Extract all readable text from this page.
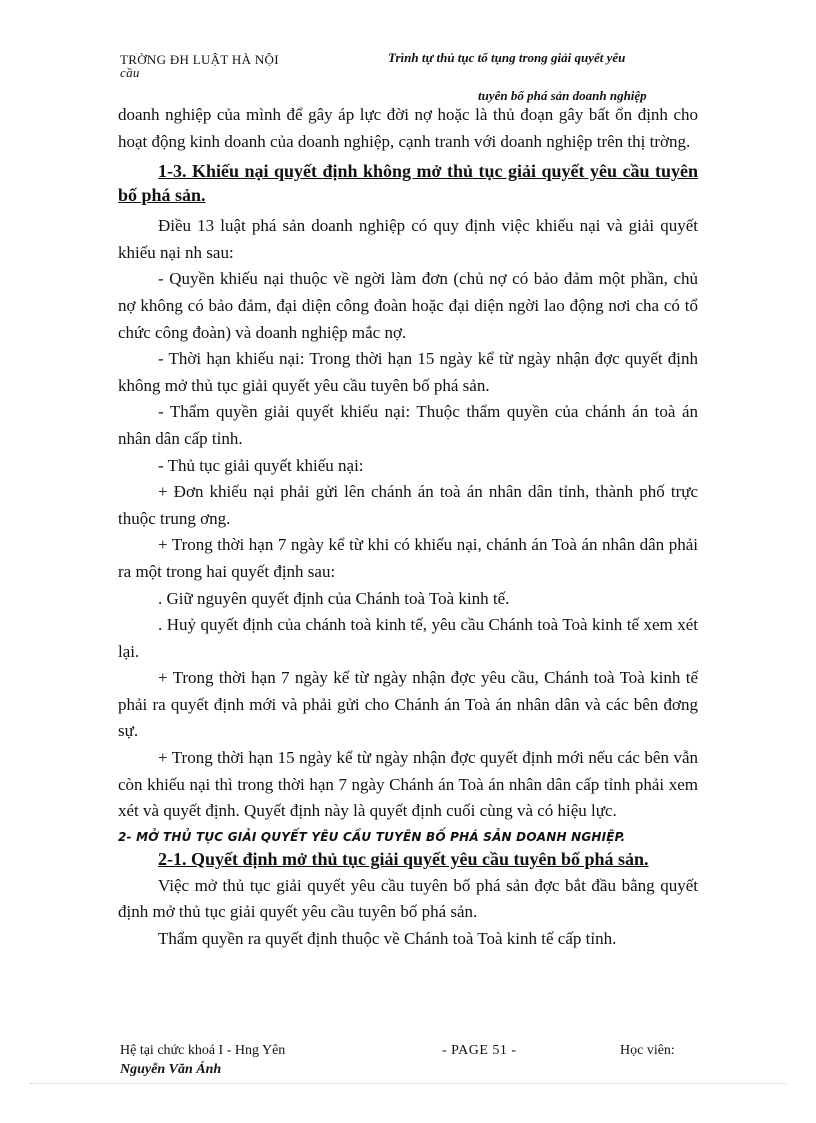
TRỜNG ĐH LUẬT HÀ NỘI
cầu
Trình tự thủ tục tố tụng trong giải quyết yêu
tuyên bố phá sản doanh nghiệp

doanh nghiệp của mình để gây áp lực đời nợ hoặc là thủ đoạn gây bất ổn định cho hoạt động kinh doanh của doanh nghiệp, cạnh tranh với doanh nghiệp trên thị trờng.

1-3. Khiếu nại quyết định không mở thủ tục giải quyết yêu cầu tuyên bố phá sản.

Điều 13 luật phá sản doanh nghiệp có quy định việc khiếu nại và giải quyết khiếu nại nh sau:

- Quyền khiếu nại thuộc về ngời làm đơn (chủ nợ có bảo đảm một phần, chủ nợ không có bảo đảm, đại diện công đoàn hoặc đại diện ngời lao động nơi cha có tổ chức công đoàn) và doanh nghiệp mắc nợ.

- Thời hạn khiếu nại: Trong thời hạn 15 ngày kể từ ngày nhận đợc quyết định không mở thủ tục giải quyết yêu cầu tuyên bố phá sản.

- Thẩm quyền giải quyết khiếu nại: Thuộc thẩm quyền của chánh án toà án nhân dân cấp tỉnh.

- Thủ tục giải quyết khiếu nại:

+ Đơn khiếu nại phải gửi lên chánh án toà án nhân dân tỉnh, thành phố trực thuộc trung ơng.

+ Trong thời hạn 7 ngày kể từ khi có khiếu nại, chánh án Toà án nhân dân phải ra một trong hai quyết định sau:

. Giữ nguyên quyết định của Chánh toà Toà kinh tế.

. Huỷ quyết định của chánh toà kinh tế, yêu cầu Chánh toà Toà kinh tế xem xét lại.

+ Trong thời hạn 7 ngày kể từ ngày nhận đợc yêu cầu, Chánh toà Toà kinh tế phải ra quyết định mới và phải gửi cho Chánh án Toà án nhân dân và các bên đơng sự.

+ Trong thời hạn 15 ngày kể từ ngày nhận đợc quyết định mới nếu các bên vẫn còn khiếu nại thì trong thời hạn 7 ngày Chánh án Toà án nhân dân cấp tỉnh phải xem xét và quyết định. Quyết định này là quyết định cuối cùng và có hiệu lực.

2- MỞ THỦ TỤC GIẢI QUYẾT YÊU CẦU TUYÊN BỐ PHÁ SẢN DOANH NGHIỆP.

2-1. Quyết định mở thủ tục giải quyết yêu cầu tuyên bố phá sản.

Việc mở thủ tục giải quyết yêu cầu tuyên bố phá sản đợc bắt đầu bằng quyết định mở thủ tục giải quyết yêu cầu tuyên bố phá sản.

Thẩm quyền ra quyết định thuộc về Chánh toà Toà kinh tế cấp tỉnh.

Hệ tại chức khoá I - Hng Yên	- PAGE 51 -	Học viên:
Nguyễn Văn Ánh
